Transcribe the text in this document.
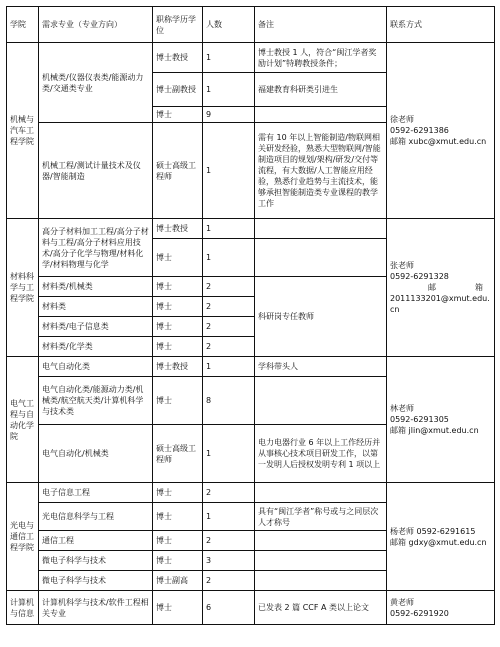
学院	需求专业（专业方向）	职称学历学位	人数	备注	联系方式
机械与汽车工程学院	机械类/仪器仪表类/能源动力类/交通类专业	博士教授	1	博士教授 1 人，符合“闽江学者奖励计划”特聘教授条件；	徐老师
0592-6291386
邮箱 xubc@xmut.edu.cn

		博士副教授	1	福建教育科研类引进生	
		博士	9		
	机械工程/测试计量技术及仪器/智能制造	硕士高级工程师	1	需有 10 年以上智能制造/物联网相关研发经验，熟悉大型物联网/智能制造项目的规划/架构/研发/交付等流程，有大数据/人工智能应用经验，熟悉行业趋势与主流技术，能够承担智能制造类专业课程的教学工作	
材料科学与工程学院	高分子材料加工工程/高分子材料与工程/高分子材料应用技术/高分子化学与物理/材料化学/材料物理与化学	博士教授	1		张老师
0592-6291328
邮 箱
2011133201@xmut.edu.cn

		博士	1		
	材料类/机械类	博士	2	科研岗专任教师	
	材料类	博士	2		
	材料类/电子信息类	博士	2		
	材料类/化学类	博士	2		
电气工程与自动化学院	电气自动化类	博士教授	1	学科带头人	林老师
0592-6291305
邮箱 jlin@xmut.edu.cn

	电气自动化类/能源动力类/机械类/航空航天类/计算机科学与技术类	博士	8		
	电气自动化/机械类	硕士高级工程师	1	电力电器行业 6 年以上工作经历并从事核心技术项目研发工作，以第一发明人后授权发明专利 1 项以上	
光电与通信工程学院	电子信息工程	博士	2		杨老师 0592-6291615
邮箱 gdxy@xmut.edu.cn

	光电信息科学与工程	博士	1	具有“闽江学者”称号或与之同层次人才称号	
	通信工程	博士	2		
	微电子科学与技术	博士	3		
	微电子科学与技术	博士副高	2		
计算机与信息	计算机科学与技术/软件工程相关专业	博士	6	已发表 2 篇 CCF A 类以上论文	黄老师
0592-6291920
